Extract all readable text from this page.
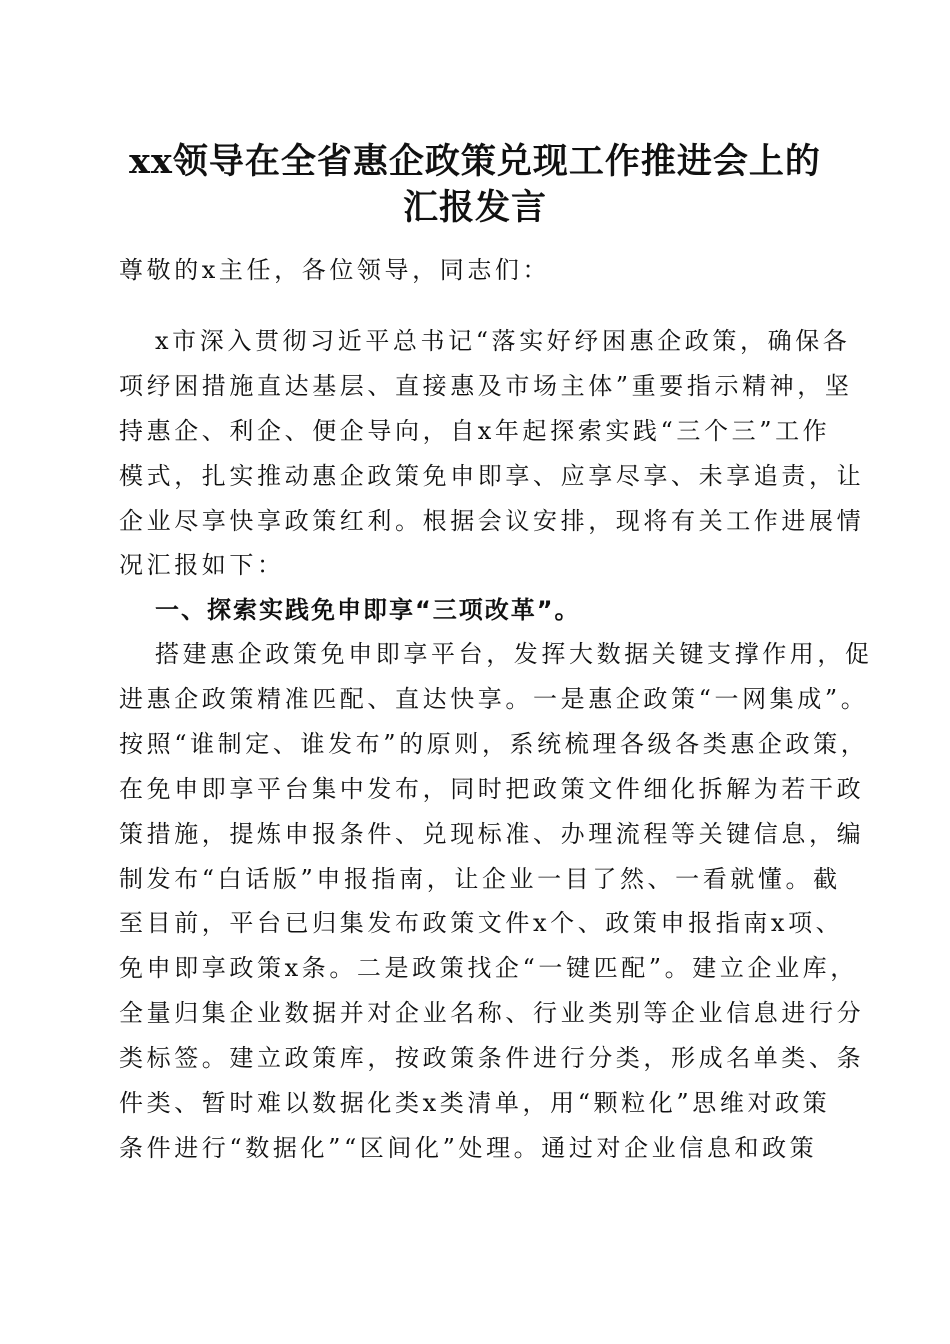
xx领导在全省惠企政策兑现工作推进会上的
汇报发言
尊敬的x主任，各位领导，同志们：
x市深入贯彻习近平总书记“落实好纾困惠企政策，确保各
项纾困措施直达基层、直接惠及市场主体”重要指示精神，坚
持惠企、利企、便企导向，自x年起探索实践“三个三”工作
模式，扎实推动惠企政策免申即享、应享尽享、未享追责，让
企业尽享快享政策红利。根据会议安排，现将有关工作进展情
况汇报如下：
一、探索实践免申即享“三项改革”。
搭建惠企政策免申即享平台，发挥大数据关键支撑作用，促
进惠企政策精准匹配、直达快享。一是惠企政策“一网集成”。
按照“谁制定、谁发布”的原则，系统梳理各级各类惠企政策，
在免申即享平台集中发布，同时把政策文件细化拆解为若干政
策措施，提炼申报条件、兑现标准、办理流程等关键信息，编
制发布“白话版”申报指南，让企业一目了然、一看就懂。截
至目前，平台已归集发布政策文件x个、政策申报指南x项、
免申即享政策x条。二是政策找企“一键匹配”。建立企业库，
全量归集企业数据并对企业名称、行业类别等企业信息进行分
类标签。建立政策库，按政策条件进行分类，形成名单类、条
件类、暂时难以数据化类x类清单，用“颗粒化”思维对政策
条件进行“数据化”“区间化”处理。通过对企业信息和政策
